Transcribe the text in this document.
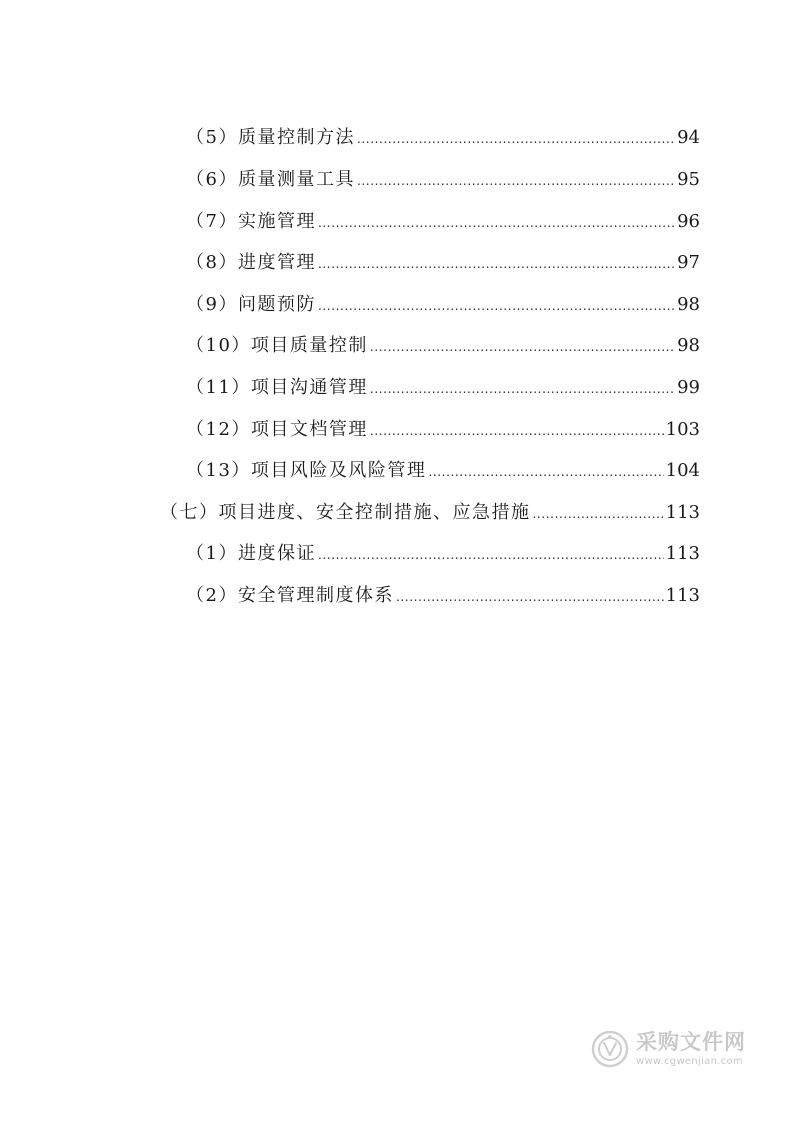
（5）质量控制方法 .....	94
（6）质量测量工具 .....	95
（7）实施管理 .....	96
（8）进度管理 .....	97
（9）问题预防 .....	98
（10）项目质量控制 .....	98
（11）项目沟通管理 .....	99
（12）项目文档管理 .....	103
（13）项目风险及风险管理 .....	104
（七）项目进度、安全控制措施、应急措施 .....	113
（1）进度保证 .....	113
（2）安全管理制度体系 .....	113
采购文件网
www.cgwenjian.com
